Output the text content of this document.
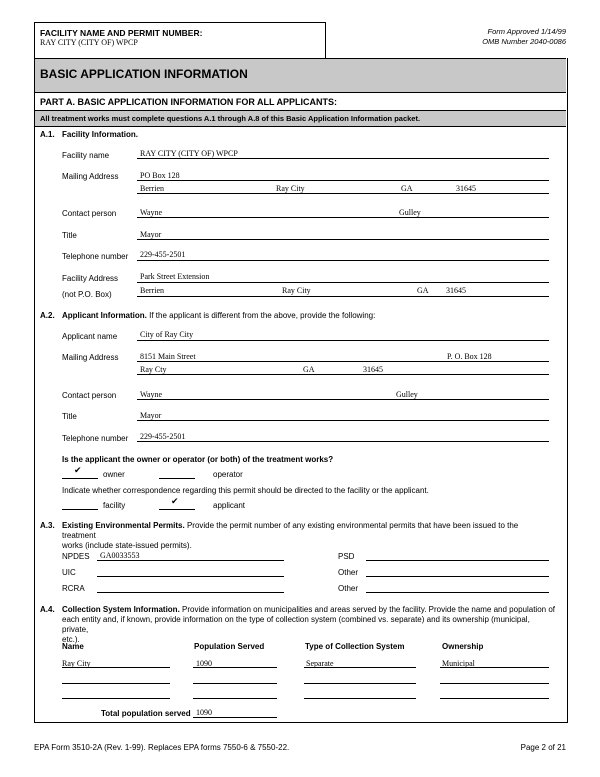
FACILITY NAME AND PERMIT NUMBER:
RAY CITY (CITY OF) WPCP
Form Approved 1/14/99
OMB Number 2040-0086
BASIC APPLICATION INFORMATION
PART A. BASIC APPLICATION INFORMATION FOR ALL APPLICANTS:
All treatment works must complete questions A.1 through A.8 of this Basic Application Information packet.
A.1. Facility Information.
Facility name	RAY CITY (CITY OF) WPCP
Mailing Address	PO Box 128
Berrien	Ray City	GA	31645
Contact person	Wayne	Gulley
Title	Mayor
Telephone number 229-455-2501
Facility Address
(not P.O. Box)
Park Street Extension
Berrien	Ray City	GA 31645
A.2. Applicant Information. If the applicant is different from the above, provide the following:
Applicant name	City of Ray City
Mailing Address	8151 Main Street	P. O. Box 128
Ray Cty	GA	31645
Contact person	Wayne	Gulley
Title	Mayor
Telephone number 229-455-2501
Is the applicant the owner or operator (or both) of the treatment works?
✔	owner	operator
Indicate whether correspondence regarding this permit should be directed to the facility or the applicant.
facility	✔	applicant
A.3. Existing Environmental Permits. Provide the permit number of any existing environmental permits that have been issued to the treatment
works (include state-issued permits).
NPDES GA0033553
UIC
RCRA
PSD
Other
Other
A.4. Collection System Information. Provide information on municipalities and areas served by the facility. Provide the name and population of
each entity and, if known, provide information on the type of collection system (combined vs. separate) and its ownership (municipal, private,
etc.).
Name	Population Served	Type of Collection System	Ownership
Ray City	1090	Separate	Municipal
Total population served 1090
EPA Form 3510-2A (Rev. 1-99). Replaces EPA forms 7550-6 & 7550-22.	Page 2 of 21
